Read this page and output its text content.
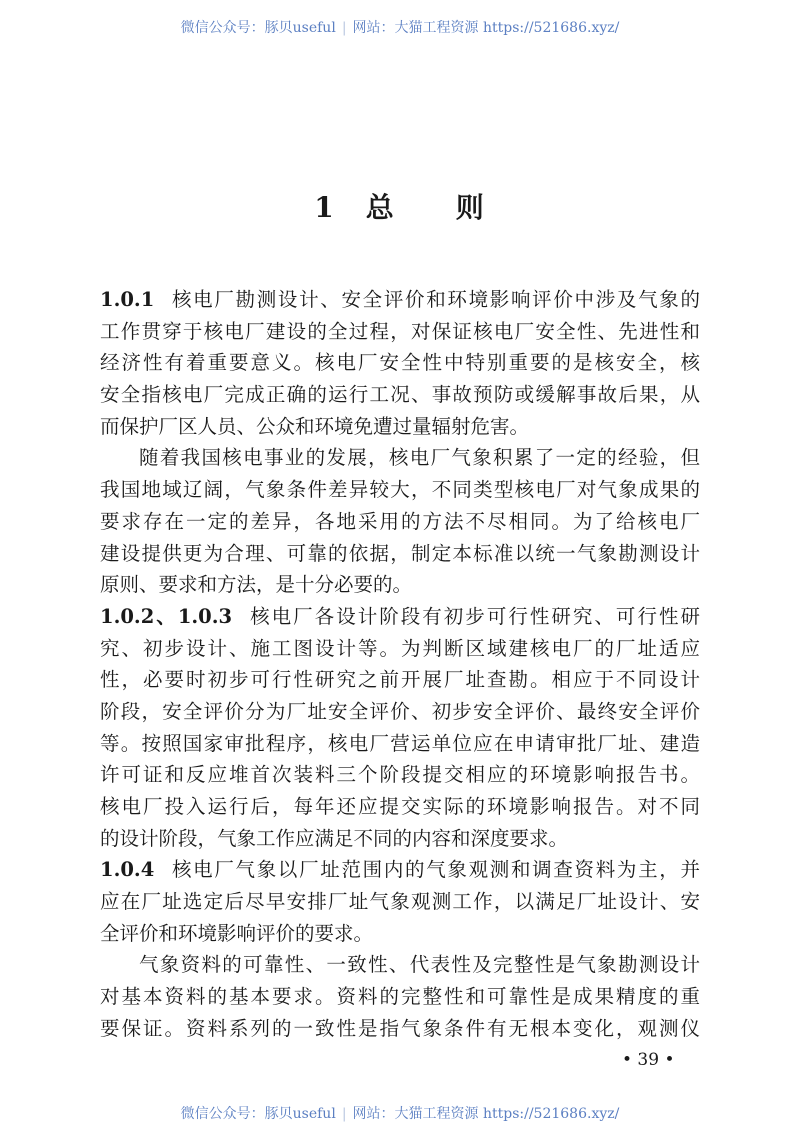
微信公众号：豚贝useful | 网站：大猫工程资源 https://521686.xyz/
1 总 则
1.0.1 核电厂勘测设计、安全评价和环境影响评价中涉及气象的
工作贯穿于核电厂建设的全过程，对保证核电厂安全性、先进性和
经济性有着重要意义。核电厂安全性中特别重要的是核安全，核
安全指核电厂完成正确的运行工况、事故预防或缓解事故后果，从
而保护厂区人员、公众和环境免遭过量辐射危害。
随着我国核电事业的发展，核电厂气象积累了一定的经验，但
我国地域辽阔，气象条件差异较大，不同类型核电厂对气象成果的
要求存在一定的差异，各地采用的方法不尽相同。为了给核电厂
建设提供更为合理、可靠的依据，制定本标准以统一气象勘测设计
原则、要求和方法，是十分必要的。
1.0.2、1.0.3 核电厂各设计阶段有初步可行性研究、可行性研
究、初步设计、施工图设计等。为判断区域建核电厂的厂址适应
性，必要时初步可行性研究之前开展厂址查勘。相应于不同设计
阶段，安全评价分为厂址安全评价、初步安全评价、最终安全评价
等。按照国家审批程序，核电厂营运单位应在申请审批厂址、建造
许可证和反应堆首次装料三个阶段提交相应的环境影响报告书。
核电厂投入运行后，每年还应提交实际的环境影响报告。对不同
的设计阶段，气象工作应满足不同的内容和深度要求。
1.0.4 核电厂气象以厂址范围内的气象观测和调查资料为主，并
应在厂址选定后尽早安排厂址气象观测工作，以满足厂址设计、安
全评价和环境影响评价的要求。
气象资料的可靠性、一致性、代表性及完整性是气象勘测设计
对基本资料的基本要求。资料的完整性和可靠性是成果精度的重
要保证。资料系列的一致性是指气象条件有无根本变化，观测仪
• 39 •
微信公众号：豚贝useful | 网站：大猫工程资源 https://521686.xyz/
